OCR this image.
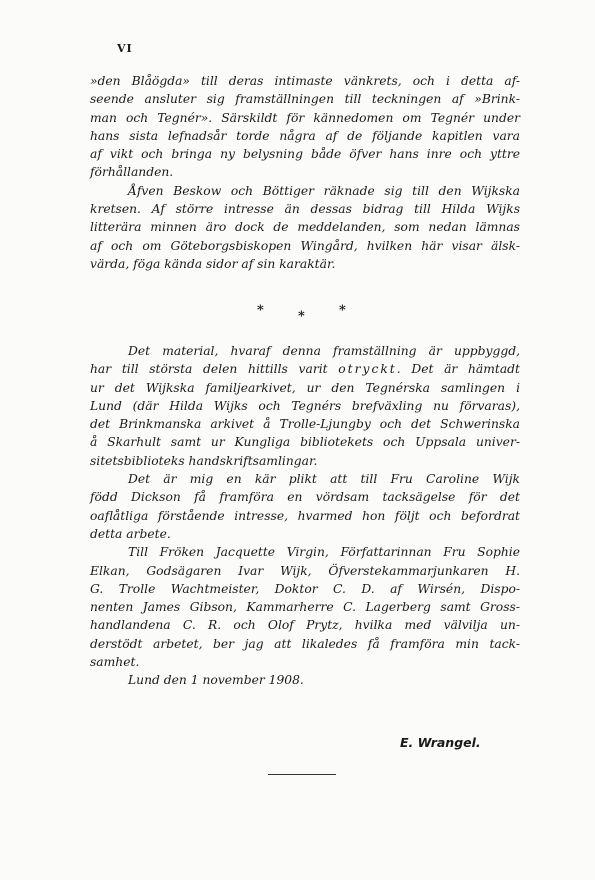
VI
»den Blåögda» till deras intimaste vänkrets, och i detta af-
seende ansluter sig framställningen till teckningen af »Brink-
man och Tegnér». Särskildt för kännedomen om Tegnér under
hans sista lefnadsår torde några af de följande kapitlen vara
af vikt och bringa ny belysning både öfver hans inre och yttre
förhållanden.
Åfven Beskow och Böttiger räknade sig till den Wijkska
kretsen. Af större intresse än dessas bidrag till Hilda Wijks
litterära minnen äro dock de meddelanden, som nedan lämnas
af och om Göteborgsbiskopen Wingård, hvilken här visar älsk-
värda, föga kända sidor af sin karaktär.
*	*	*
Det material, hvaraf denna framställning är uppbyggd,
har till största delen hittills varit otryckt. Det är hämtadt
ur det Wijkska familjearkivet, ur den Tegnérska samlingen i
Lund (där Hilda Wijks och Tegnérs brefväxling nu förvaras),
det Brinkmanska arkivet å Trolle-Ljungby och det Schwerinska
å Skarhult samt ur Kungliga bibliotekets och Uppsala univer-
sitetsbiblioteks handskriftsamlingar.
Det är mig en kär plikt att till Fru Caroline Wijk
född Dickson få framföra en vördsam tacksägelse för det
oaflåtliga förstående intresse, hvarmed hon följt och befordrat
detta arbete.
Till Fröken Jacquette Virgin, Författarinnan Fru Sophie
Elkan, Godsägaren Ivar Wijk, Öfverstekammarjunkaren H.
G. Trolle Wachtmeister, Doktor C. D. af Wirsén, Dispo-
nenten James Gibson, Kammarherre C. Lagerberg samt Gross-
handlandena C. R. och Olof Prytz, hvilka med välvilja un-
derstödt arbetet, ber jag att likaledes få framföra min tack-
samhet.
Lund den 1 november 1908.
E. Wrangel.
